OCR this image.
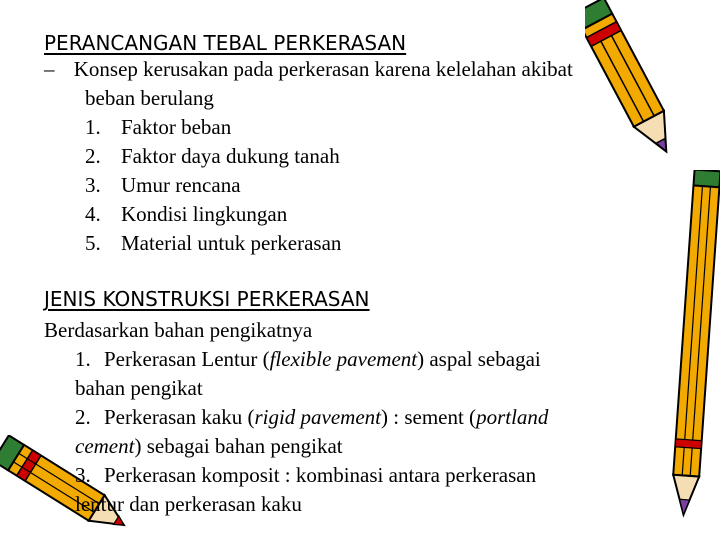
PERANCANGAN TEBAL PERKERASAN
– Konsep kerusakan pada perkerasan karena kelelahan akibat
beban berulang
1. Faktor beban
2. Faktor daya dukung tanah
3. Umur rencana
4. Kondisi lingkungan
5. Material untuk perkerasan
JENIS KONSTRUKSI PERKERASAN
Berdasarkan bahan pengikatnya
1. Perkerasan Lentur (flexible pavement) aspal sebagai
bahan pengikat
2. Perkerasan kaku (rigid pavement) : sement (portland
cement) sebagai bahan pengikat
3. Perkerasan komposit : kombinasi antara perkerasan
lentur dan perkerasan kaku
